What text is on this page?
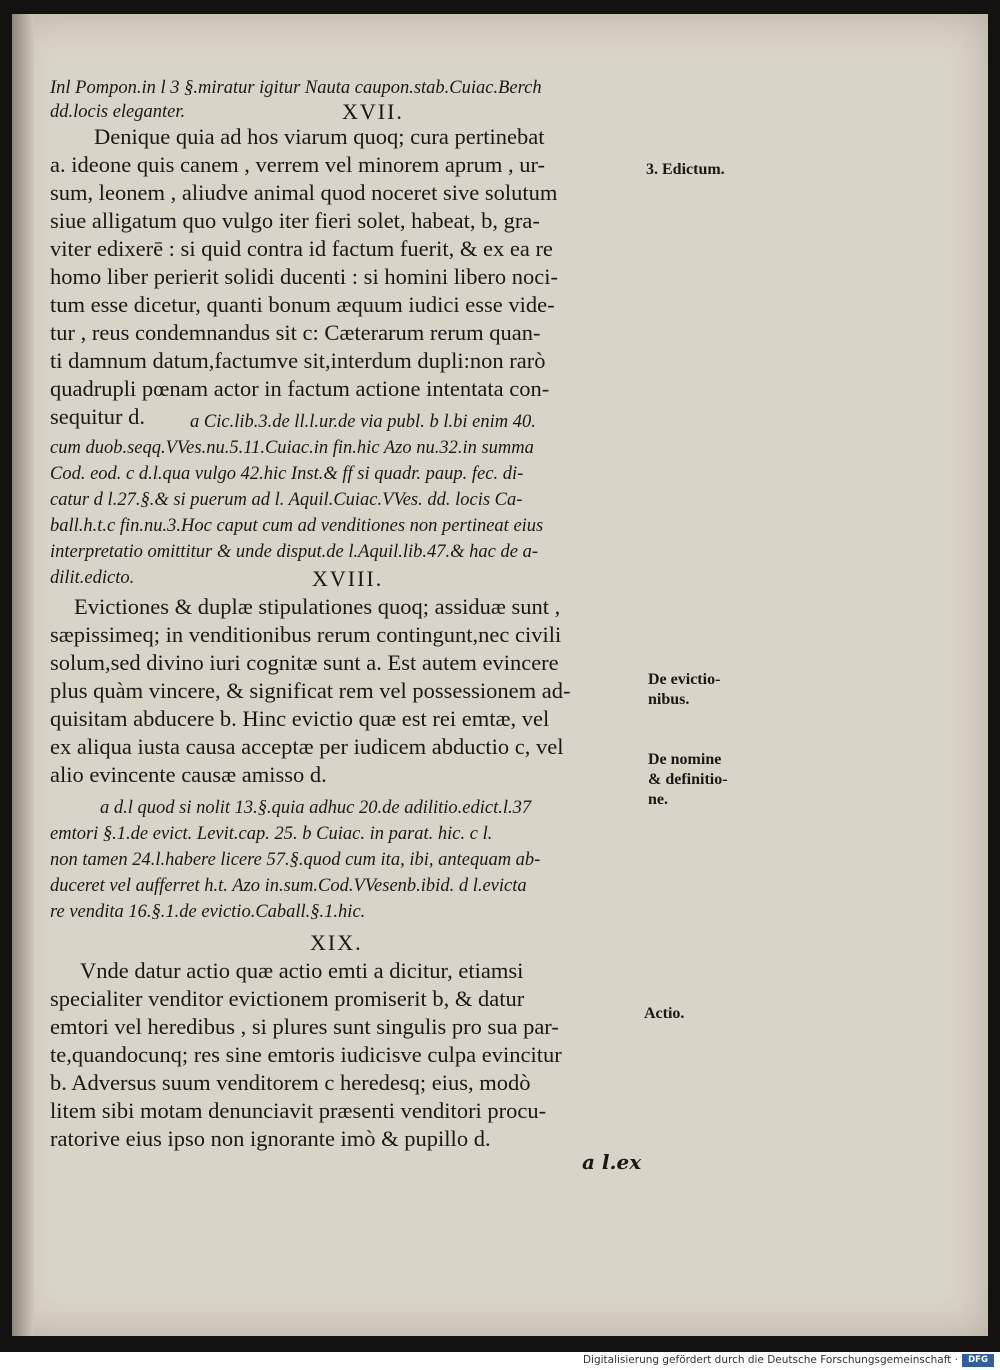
Inl Pompon.in l 3 §.miratur igitur Nauta caupon.stab.Cuiac.Berch

dd.locis eleganter.	XVII.

Denique quia ad hos viarum quoq; cura pertinebat

a. ideone quis canem , verrem vel minorem aprum , ur-

sum, leonem , aliudve animal quod noceret sive solutum

siue alligatum quo vulgo iter fieri solet, habeat, b, gra-

viter edixerē : si quid contra id factum fuerit, & ex ea re

homo liber perierit solidi ducenti : si homini libero noci-

tum esse dicetur, quanti bonum æquum iudici esse vide-

tur , reus condemnandus sit c: Cæterarum rerum quan-

ti damnum datum,factumve sit,interdum dupli:non rarò

quadrupli pœnam actor in factum actione intentata con-

sequitur d. a Cic.lib.3.de ll.l.ur.de via publ. b l.bi enim 40.

cum duob.seqq.VVes.nu.5.11.Cuiac.in fin.hic Azo nu.32.in summa

Cod. eod. c d.l.qua vulgo 42.hic Inst.& ff si quadr. paup. fec. di-

catur d l.27.§.& si puerum ad l. Aquil.Cuiac.VVes. dd. locis Ca-

ball.h.t.c fin.nu.3.Hoc caput cum ad venditiones non pertineat eius

interpretatio omittitur & unde disput.de l.Aquil.lib.47.& hac de a-

dilit.edicto.	XVIII.

Evictiones & duplæ stipulationes quoq; assiduæ sunt ,

sæpissimeq; in venditionibus rerum contingunt,nec civili

solum,sed divino iuri cognitæ sunt a. Est autem evincere

plus quàm vincere, & significat rem vel possessionem ad-

quisitam abducere b. Hinc evictio quæ est rei emtæ, vel

ex aliqua iusta causa acceptæ per iudicem abductio c, vel

alio evincente causæ amisso d.

a d.l quod si nolit 13.§.quia adhuc 20.de adilitio.edict.l.37

emtori §.1.de evict. Levit.cap. 25. b Cuiac. in parat. hic. c l.

non tamen 24.l.habere licere 57.§.quod cum ita, ibi, antequam ab-

duceret vel aufferret h.t. Azo in.sum.Cod.VVesenb.ibid. d l.evicta

re vendita 16.§.1.de evictio.Caball.§.1.hic.

XIX.

Vnde datur actio quæ actio emti a dicitur, etiamsi

specialiter venditor evictionem promiserit b, & datur

emtori vel heredibus , si plures sunt singulis pro sua par-

te,quandocunq; res sine emtoris iudicisve culpa evincitur

b. Adversus suum venditorem c heredesq; eius, modò

litem sibi motam denunciavit præsenti venditori procu-

ratorive eius ipso non ignorante imò & pupillo d.

a l.ex
3. Edictum.
De evictio-
nibus.
De nomine
& definitio-
ne.
Actio.
Digitalisierung gefördert durch die Deutsche Forschungsgemeinschaft ·	DFG
